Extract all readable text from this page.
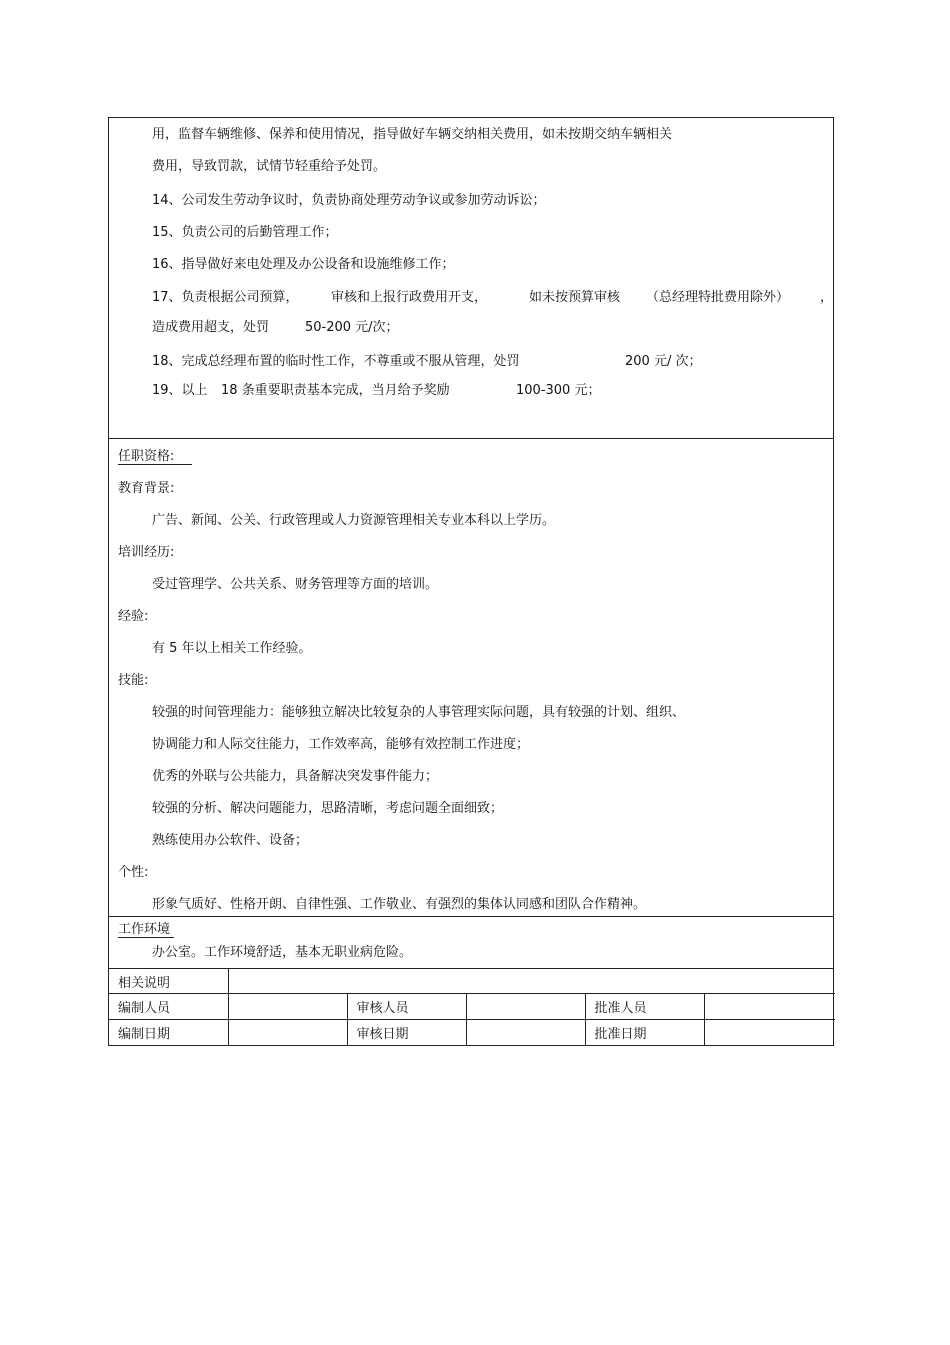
用，监督车辆维修、保养和使用情况，指导做好车辆交纳相关费用，如未按期交纳车辆相关
费用，导致罚款，试情节轻重给予处罚。
14、公司发生劳动争议时，负责协商处理劳动争议或参加劳动诉讼；
15、负责公司的后勤管理工作；
16、指导做好来电处理及办公设备和设施维修工作；
17、负责根据公司预算， 审核和上报行政费用开支，	如未按预算审核 （总经理特批费用除外） ，
造成费用超支，处罚	50-200 元/次；
18、完成总经理布置的临时性工作，不尊重或不服从管理，处罚	200 元/ 次；
19、以上 18 条重要职责基本完成，当月给予奖励	100-300 元；
任职资格:
教育背景:
广告、新闻、公关、行政管理或人力资源管理相关专业本科以上学历。
培训经历:
受过管理学、公共关系、财务管理等方面的培训。
经验:
有 5 年以上相关工作经验。
技能:
较强的时间管理能力：能够独立解决比较复杂的人事管理实际问题，具有较强的计划、组织、
协调能力和人际交往能力，工作效率高，能够有效控制工作进度；
优秀的外联与公共能力，具备解决突发事件能力；
较强的分析、解决问题能力，思路清晰，考虑问题全面细致；
熟练使用办公软件、设备；
个性:
形象气质好、性格开朗、自律性强、工作敬业、有强烈的集体认同感和团队合作精神。
工作环境
办公室。工作环境舒适，基本无职业病危险。
相关说明					
编制人员		审核人员		批准人员	
编制日期		审核日期		批准日期	
